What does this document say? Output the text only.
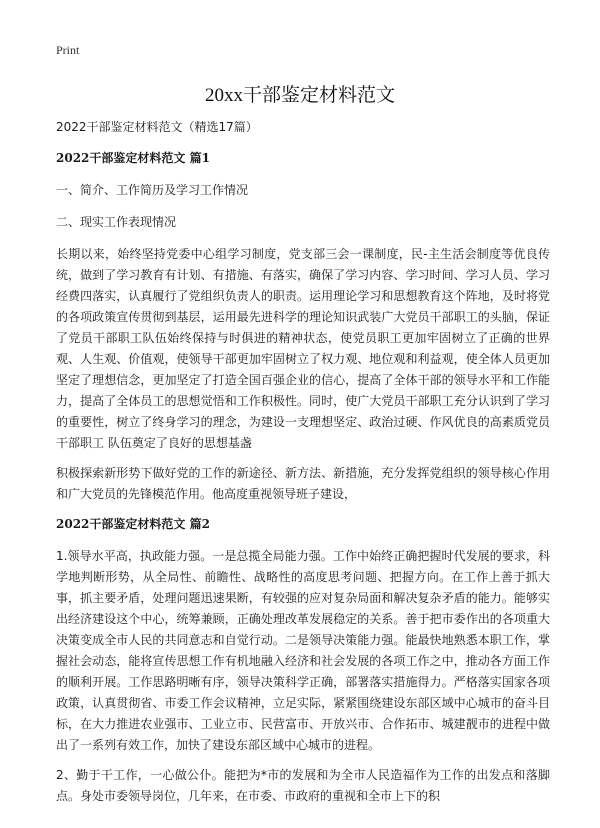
Print
20xx干部鉴定材料范文

2022干部鉴定材料范文（精选17篇）

2022干部鉴定材料范文 篇1

一、简介、工作简历及学习工作情况

二、现实工作表现情况

长期以来，始终坚持党委中心组学习制度，党支部三会一课制度，民-主生活会制度等优良传统，做到了学习教育有计划、有措施、有落实，确保了学习内容、学习时间、学习人员、学习经费四落实，认真履行了党组织负责人的职责。运用理论学习和思想教育这个阵地，及时将党的各项政策宣传贯彻到基层，运用最先进科学的理论知识武装广大党员干部职工的头脑，保证了党员干部职工队伍始终保持与时俱进的精神状态，使党员职工更加牢固树立了正确的世界观、人生观、价值观，使领导干部更加牢固树立了权力观、地位观和利益观，使全体人员更加坚定了理想信念，更加坚定了打造全国百强企业的信心，提高了全体干部的领导水平和工作能力，提高了全体员工的思想觉悟和工作积极性。同时，使广大党员干部职工充分认识到了学习的重要性，树立了终身学习的理念，为建设一支理想坚定、政治过硬、作风优良的高素质党员干部职工 队伍奠定了良好的思想基盏

积极探索新形势下做好党的工作的新途径、新方法、新措施，充分发挥党组织的领导核心作用和广大党员的先锋模范作用。他高度重视领导班子建设，

2022干部鉴定材料范文 篇2

1.领导水平高，执政能力强。一是总揽全局能力强。工作中始终正确把握时代发展的要求，科学地判断形势，从全局性、前瞻性、战略性的高度思考问题、把握方向。在工作上善于抓大事，抓主要矛盾，处理问题迅速果断，有较强的应对复杂局面和解决复杂矛盾的能力。能够实出经济建设这个中心，统筹兼顾，正确处理改革发展稳定的关系。善于把市委作出的各项重大决策变成全市人民的共同意志和自觉行动。二是领导决策能力强。能最快地熟悉本职工作，掌握社会动态，能将宣传思想工作有机地融入经济和社会发展的各项工作之中，推动各方面工作的顺利开展。工作思路明晰有序，领导决策科学正确，部署落实措施得力。严格落实国家各项政策，认真贯彻省、市委工作会议精神，立足实际，紧紧围绕建设东部区域中心城市的奋斗目标，在大力推进农业强市、工业立市、民营富市、开放兴市、合作拓市、城建靓市的进程中做出了一系列有效工作，加快了建设东部区域中心城市的进程。

2、勤于干工作，一心做公仆。能把为*市的发展和为全市人民造福作为工作的出发点和落脚点。身处市委领导岗位，几年来，在市委、市政府的重视和全市上下的积
